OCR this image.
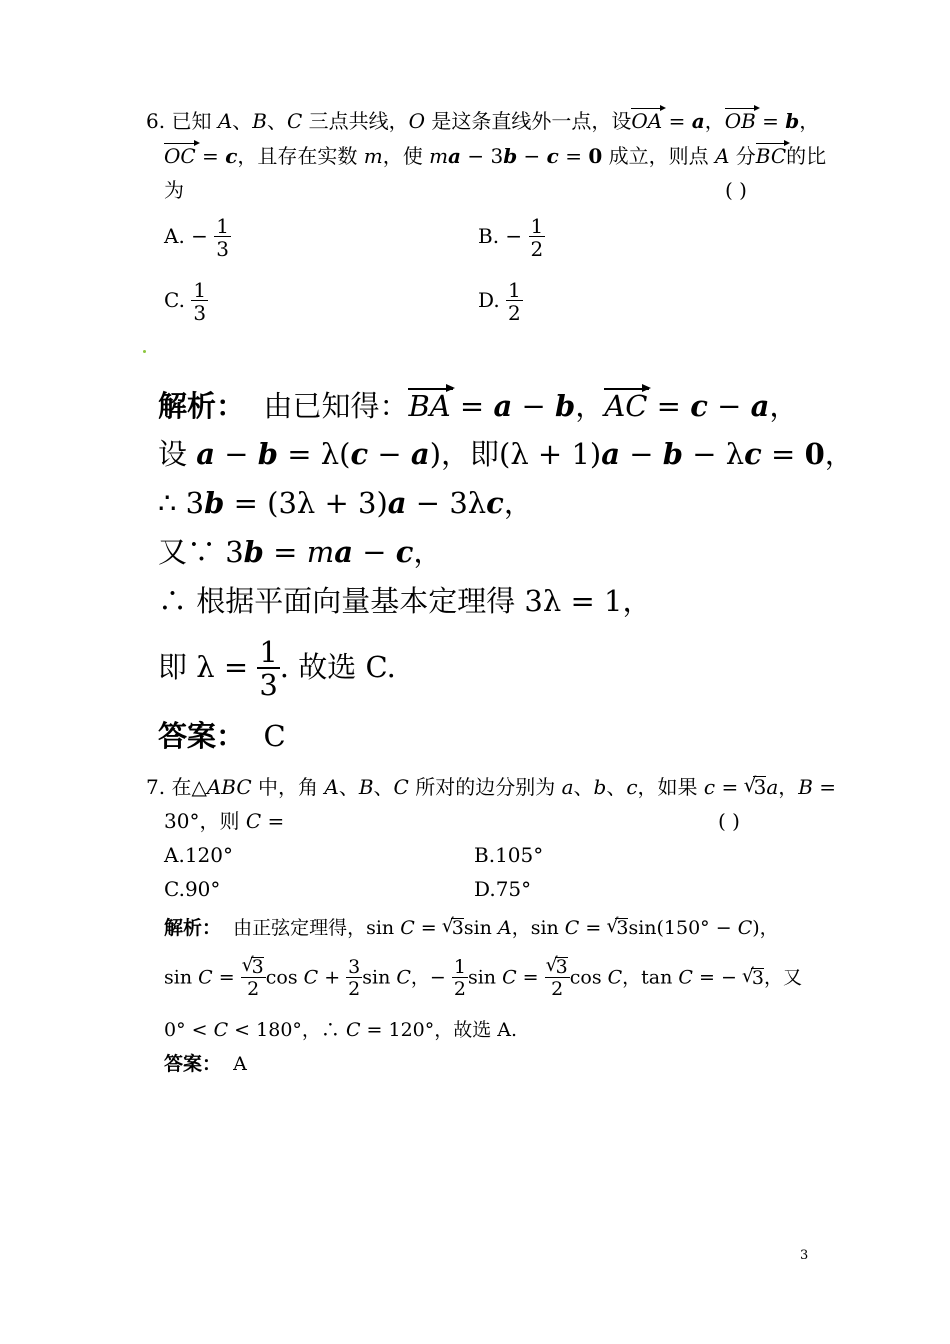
6. 已知 A、B、C 三点共线，O 是这条直线外一点，设OA = a，OB = b，
OC = c，且存在实数 m，使 ma − 3b − c = 0 成立，则点 A 分BC的比
为	( )
A. − $\frac{1}{3}$	B. − $\frac{1}{2}$
C. $\frac{1}{3}$	D. $\frac{1}{2}$
解析：  由已知得：BA = a − b，AC = c − a，
设 a − b = λ(c − a)，即(λ + 1)a − b − λc = 0，
∴ 3b = (3λ + 3)a − 3λc，
又∵ 3b = ma − c，
∴ 根据平面向量基本定理得 3λ = 1，
即 $\lambda = \frac{1}{3}$ . 故选 C.
答案： C
7. 在△ABC 中，角 A、B、C 所对的边分别为 a、b、c，如果 c = √ 3a，B =
30°，则 C =	( )
A.120°	B.105°
C.90°	D.75°
解析：  由正弦定理得，sin C = √ 3sin A，sin C = √ 3sin(150° − C)，
sin C = √ $\frac{3}{2}$ $\cos C + \frac{3}{2}$ sin C，− $\frac{1}{2}$ sin C = √ $\frac{3}{2}$ cos C，tan C = − √ 3，又
0° < C < 180°，∴ C = 120°，故选 A.
答案： A
3
